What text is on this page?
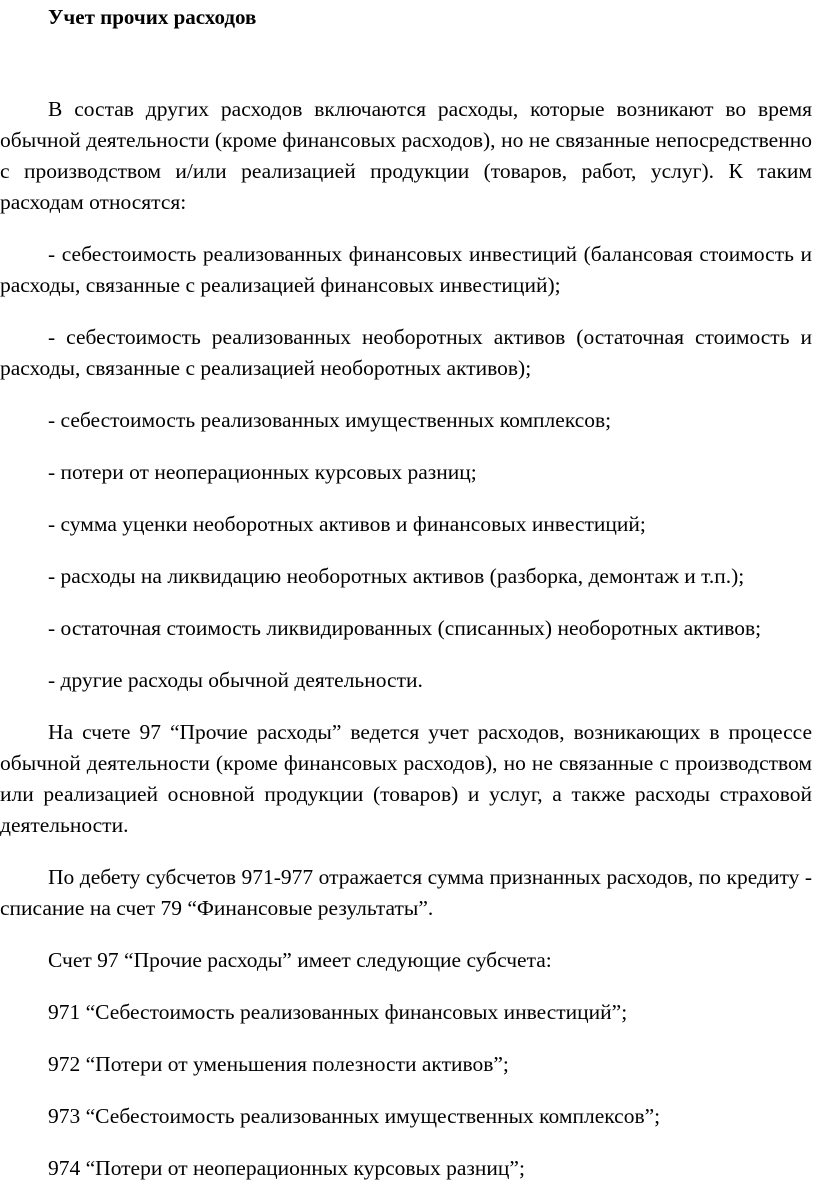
Учет прочих расходов

В состав других расходов включаются расходы, которые возникают во время обычной деятельности (кроме финансовых расходов), но не связанные непосредственно с производством и/или реализацией продукции (товаров, работ, услуг). К таким расходам относятся:

- себестоимость реализованных финансовых инвестиций (балансовая стоимость и расходы, связанные с реализацией финансовых инвестиций);

- себестоимость реализованных необоротных активов (остаточная стоимость и расходы, связанные с реализацией необоротных активов);

- себестоимость реализованных имущественных комплексов;

- потери от неоперационных курсовых разниц;

- сумма уценки необоротных активов и финансовых инвестиций;

- расходы на ликвидацию необоротных активов (разборка, демонтаж и т.п.);

- остаточная стоимость ликвидированных (списанных) необоротных активов;

- другие расходы обычной деятельности.

На счете 97 “Прочие расходы” ведется учет расходов, возникающих в процессе обычной деятельности (кроме финансовых расходов), но не связанные с производством или реализацией основной продукции (товаров) и услуг, а также расходы страховой деятельности.

По дебету субсчетов 971-977 отражается сумма признанных расходов, по кредиту - списание на счет 79 “Финансовые результаты”.

Счет 97 “Прочие расходы” имеет следующие субсчета:

971 “Себестоимость реализованных финансовых инвестиций”;

972 “Потери от уменьшения полезности активов”;

973 “Себестоимость реализованных имущественных комплексов”;

974 “Потери от неоперационных курсовых разниц”;
